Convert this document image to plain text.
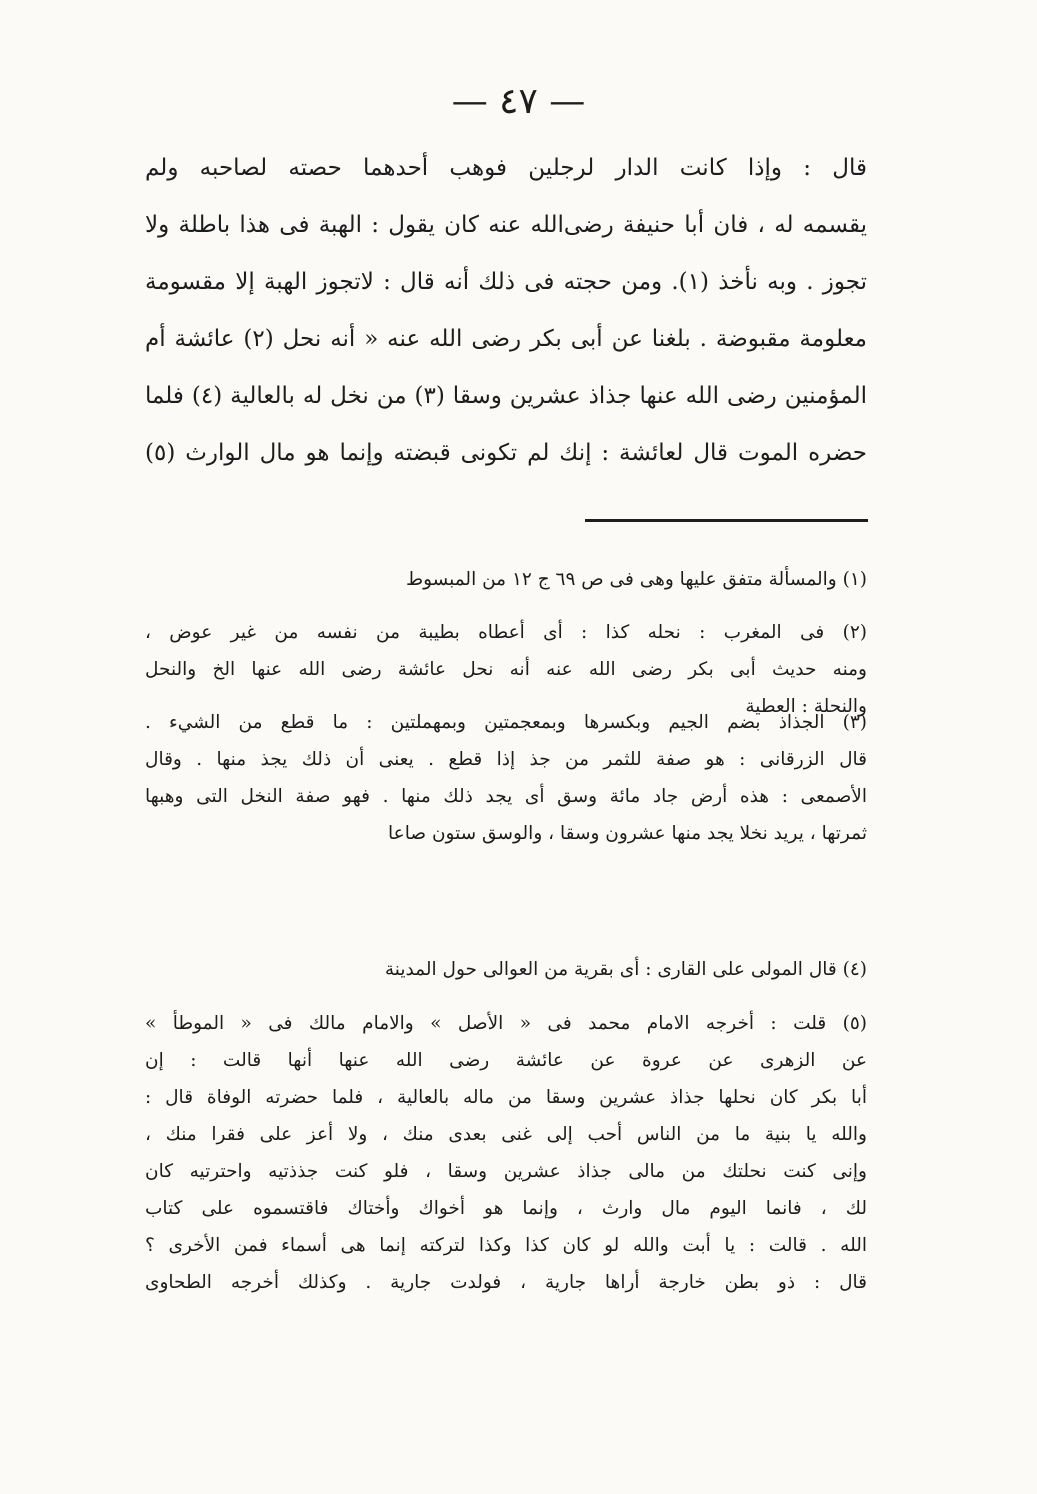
— ٤٧ —
قال : وإذا كانت الدار لرجلين فوهب أحدهما حصته لصاحبه ولم
يقسمه له ، فان أبا حنيفة رضى‌الله عنه كان يقول : الهبة فى هذا باطلة ولا
تجوز . وبه نأخذ (١). ومن حجته فى ذلك أنه قال : لاتجوز الهبة إلا مقسومة
معلومة مقبوضة . بلغنا عن أبى بكر رضى الله عنه « أنه نحل (٢) عائشة أم
المؤمنين رضى الله عنها جذاذ عشرين وسقا (٣) من نخل له بالعالية (٤) فلما
حضره الموت قال لعائشة : إنك لم تكونى قبضته وإنما هو مال الوارث (٥)
(١) والمسألة متفق عليها وهى فى ص ٦٩ ج ١٢ من المبسوط
(٢) فى المغرب : نحله كذا : أى أعطاه بطيبة من نفسه من غير عوض ،
ومنه حديث أبى بكر رضى الله عنه أنه نحل عائشة رضى الله عنها الخ والنحل
والنحلة : العطية
(٣) الجذاذ بضم الجيم وبكسرها وبمعجمتين وبمهملتين : ما قطع من الشيء .
قال الزرقانى : هو صفة للثمر من جذ إذا قطع . يعنى أن ذلك يجذ منها . وقال
الأصمعى : هذه أرض جاد مائة وسق أى يجد ذلك منها . فهو صفة النخل التى وهبها
ثمرتها ، يريد نخلا يجد منها عشرون وسقا ، والوسق ستون صاعا
(٤) قال المولى على القارى : أى بقرية من العوالى حول المدينة
(٥) قلت : أخرجه الامام محمد فى « الأصل » والامام مالك فى « الموطأ »
عن الزهرى عن عروة عن عائشة رضى الله عنها أنها قالت : إن
أبا بكر كان نحلها جذاذ عشرين وسقا من ماله بالعالية ، فلما حضرته الوفاة قال :
والله يا بنية ما من الناس أحب إلى غنى بعدى منك ، ولا أعز على فقرا منك ،
وإنى كنت نحلتك من مالى جذاذ عشرين وسقا ، فلو كنت جذذتيه واحترتيه كان
لك ، فانما اليوم مال وارث ، وإنما هو أخواك وأختاك فاقتسموه على كتاب
الله . قالت : يا أبت والله لو كان كذا وكذا لتركته إنما هى أسماء فمن الأخرى ؟
قال : ذو بطن خارجة أراها جارية ، فولدت جارية . وكذلك أخرجه الطحاوى
